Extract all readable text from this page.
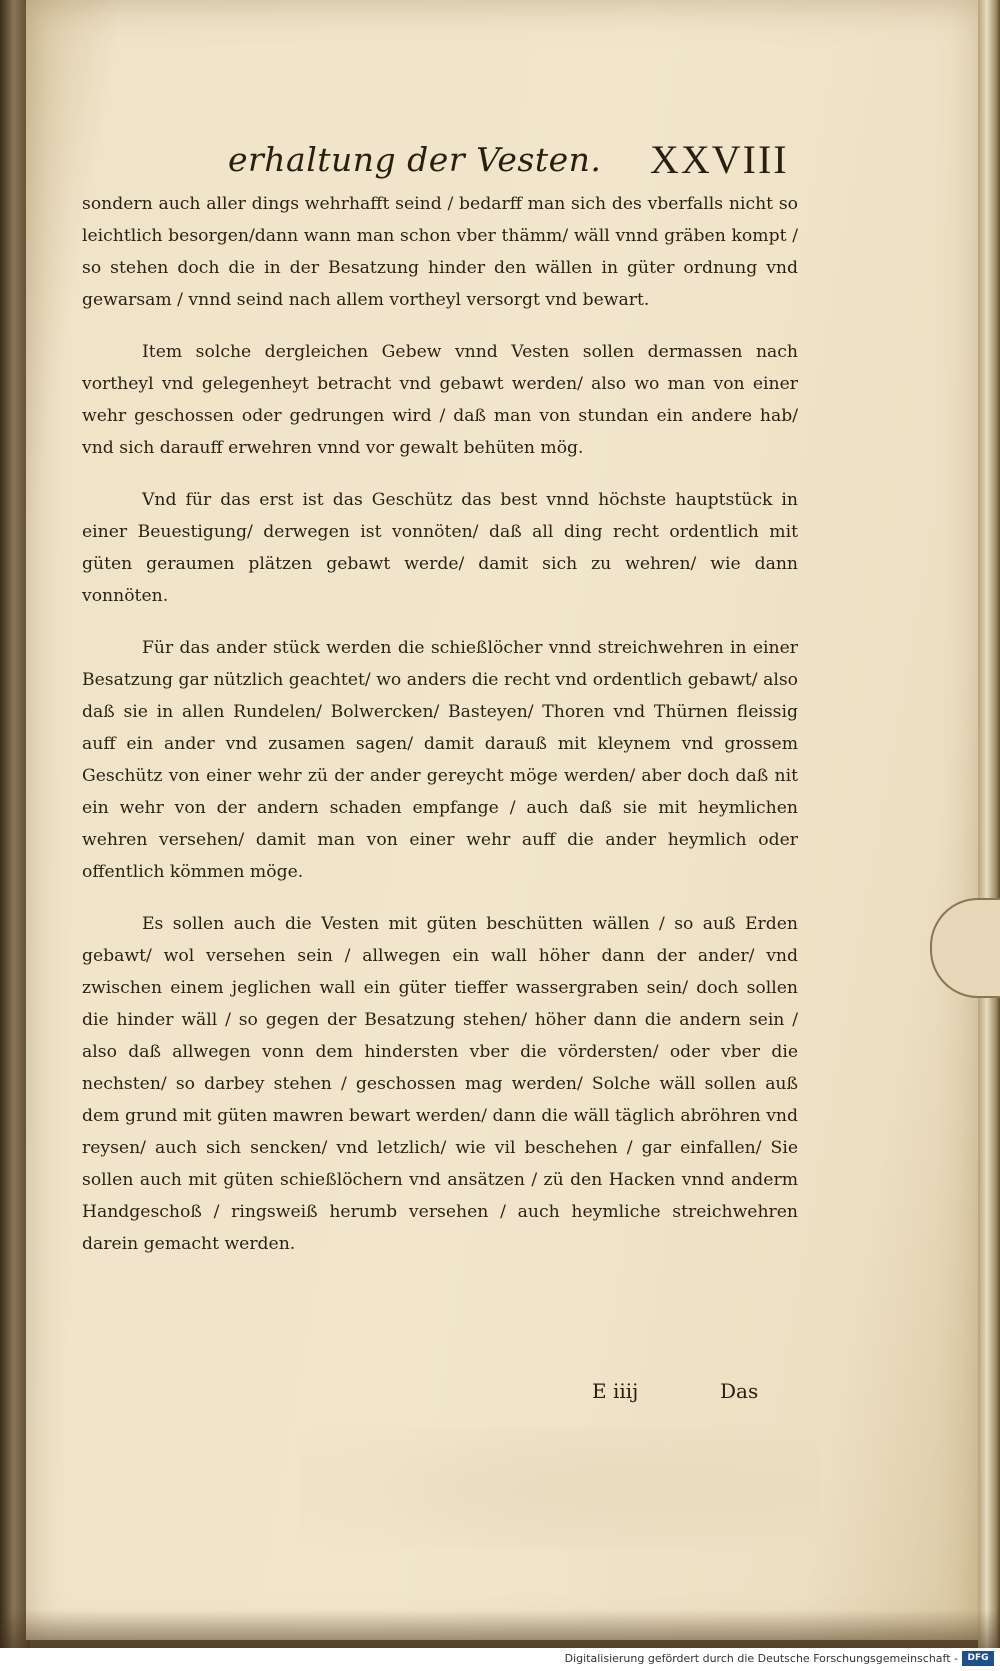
erhaltung der Vesten. XXVIII

sondern auch aller dings wehrhafft seind / bedarff man sich des vberfalls nicht so leichtlich besorgen/dann wann man schon vber thämm/ wäll vnnd gräben kompt / so stehen doch die in der Besatzung hinder den wällen in güter ordnung vnd gewarsam / vnnd seind nach allem vortheyl versorgt vnd bewart.

Item solche dergleichen Gebew vnnd Vesten sollen dermassen nach vortheyl vnd gelegenheyt betracht vnd gebawt werden/ also wo man von einer wehr geschossen oder gedrungen wird / daß man von stundan ein andere hab/ vnd sich darauff erwehren vnnd vor gewalt behüten mög.

Vnd für das erst ist das Geschütz das best vnnd höchste hauptstück in einer Beuestigung/ derwegen ist vonnöten/ daß all ding recht ordentlich mit güten geraumen plätzen gebawt werde/ damit sich zu wehren/ wie dann vonnöten.

Für das ander stück werden die schießlöcher vnnd streichwehren in einer Besatzung gar nützlich geachtet/ wo anders die recht vnd ordentlich gebawt/ also daß sie in allen Rundelen/ Bolwercken/ Basteyen/ Thoren vnd Thürnen fleissig auff ein ander vnd zusamen sagen/ damit darauß mit kleynem vnd grossem Geschütz von einer wehr zü der ander gereycht möge werden/ aber doch daß nit ein wehr von der andern schaden empfange / auch daß sie mit heymlichen wehren versehen/ damit man von einer wehr auff die ander heymlich oder offentlich kömmen möge.

Es sollen auch die Vesten mit güten beschütten wällen / so auß Erden gebawt/ wol versehen sein / allwegen ein wall höher dann der ander/ vnd zwischen einem jeglichen wall ein güter tieffer wassergraben sein/ doch sollen die hinder wäll / so gegen der Besatzung stehen/ höher dann die andern sein / also daß allwegen vonn dem hindersten vber die vördersten/ oder vber die nechsten/ so darbey stehen / geschossen mag werden/ Solche wäll sollen auß dem grund mit güten mawren bewart werden/ dann die wäll täglich abröhren vnd reysen/ auch sich sencken/ vnd letzlich/ wie vil beschehen / gar einfallen/ Sie sollen auch mit güten schießlöchern vnd ansätzen / zü den Hacken vnnd anderm Handgeschoß / ringsweiß herumb versehen / auch heymliche streichwehren darein gemacht werden.

E iiij	Das
Digitalisierung gefördert durch die Deutsche Forschungsgemeinschaft -	DFG
